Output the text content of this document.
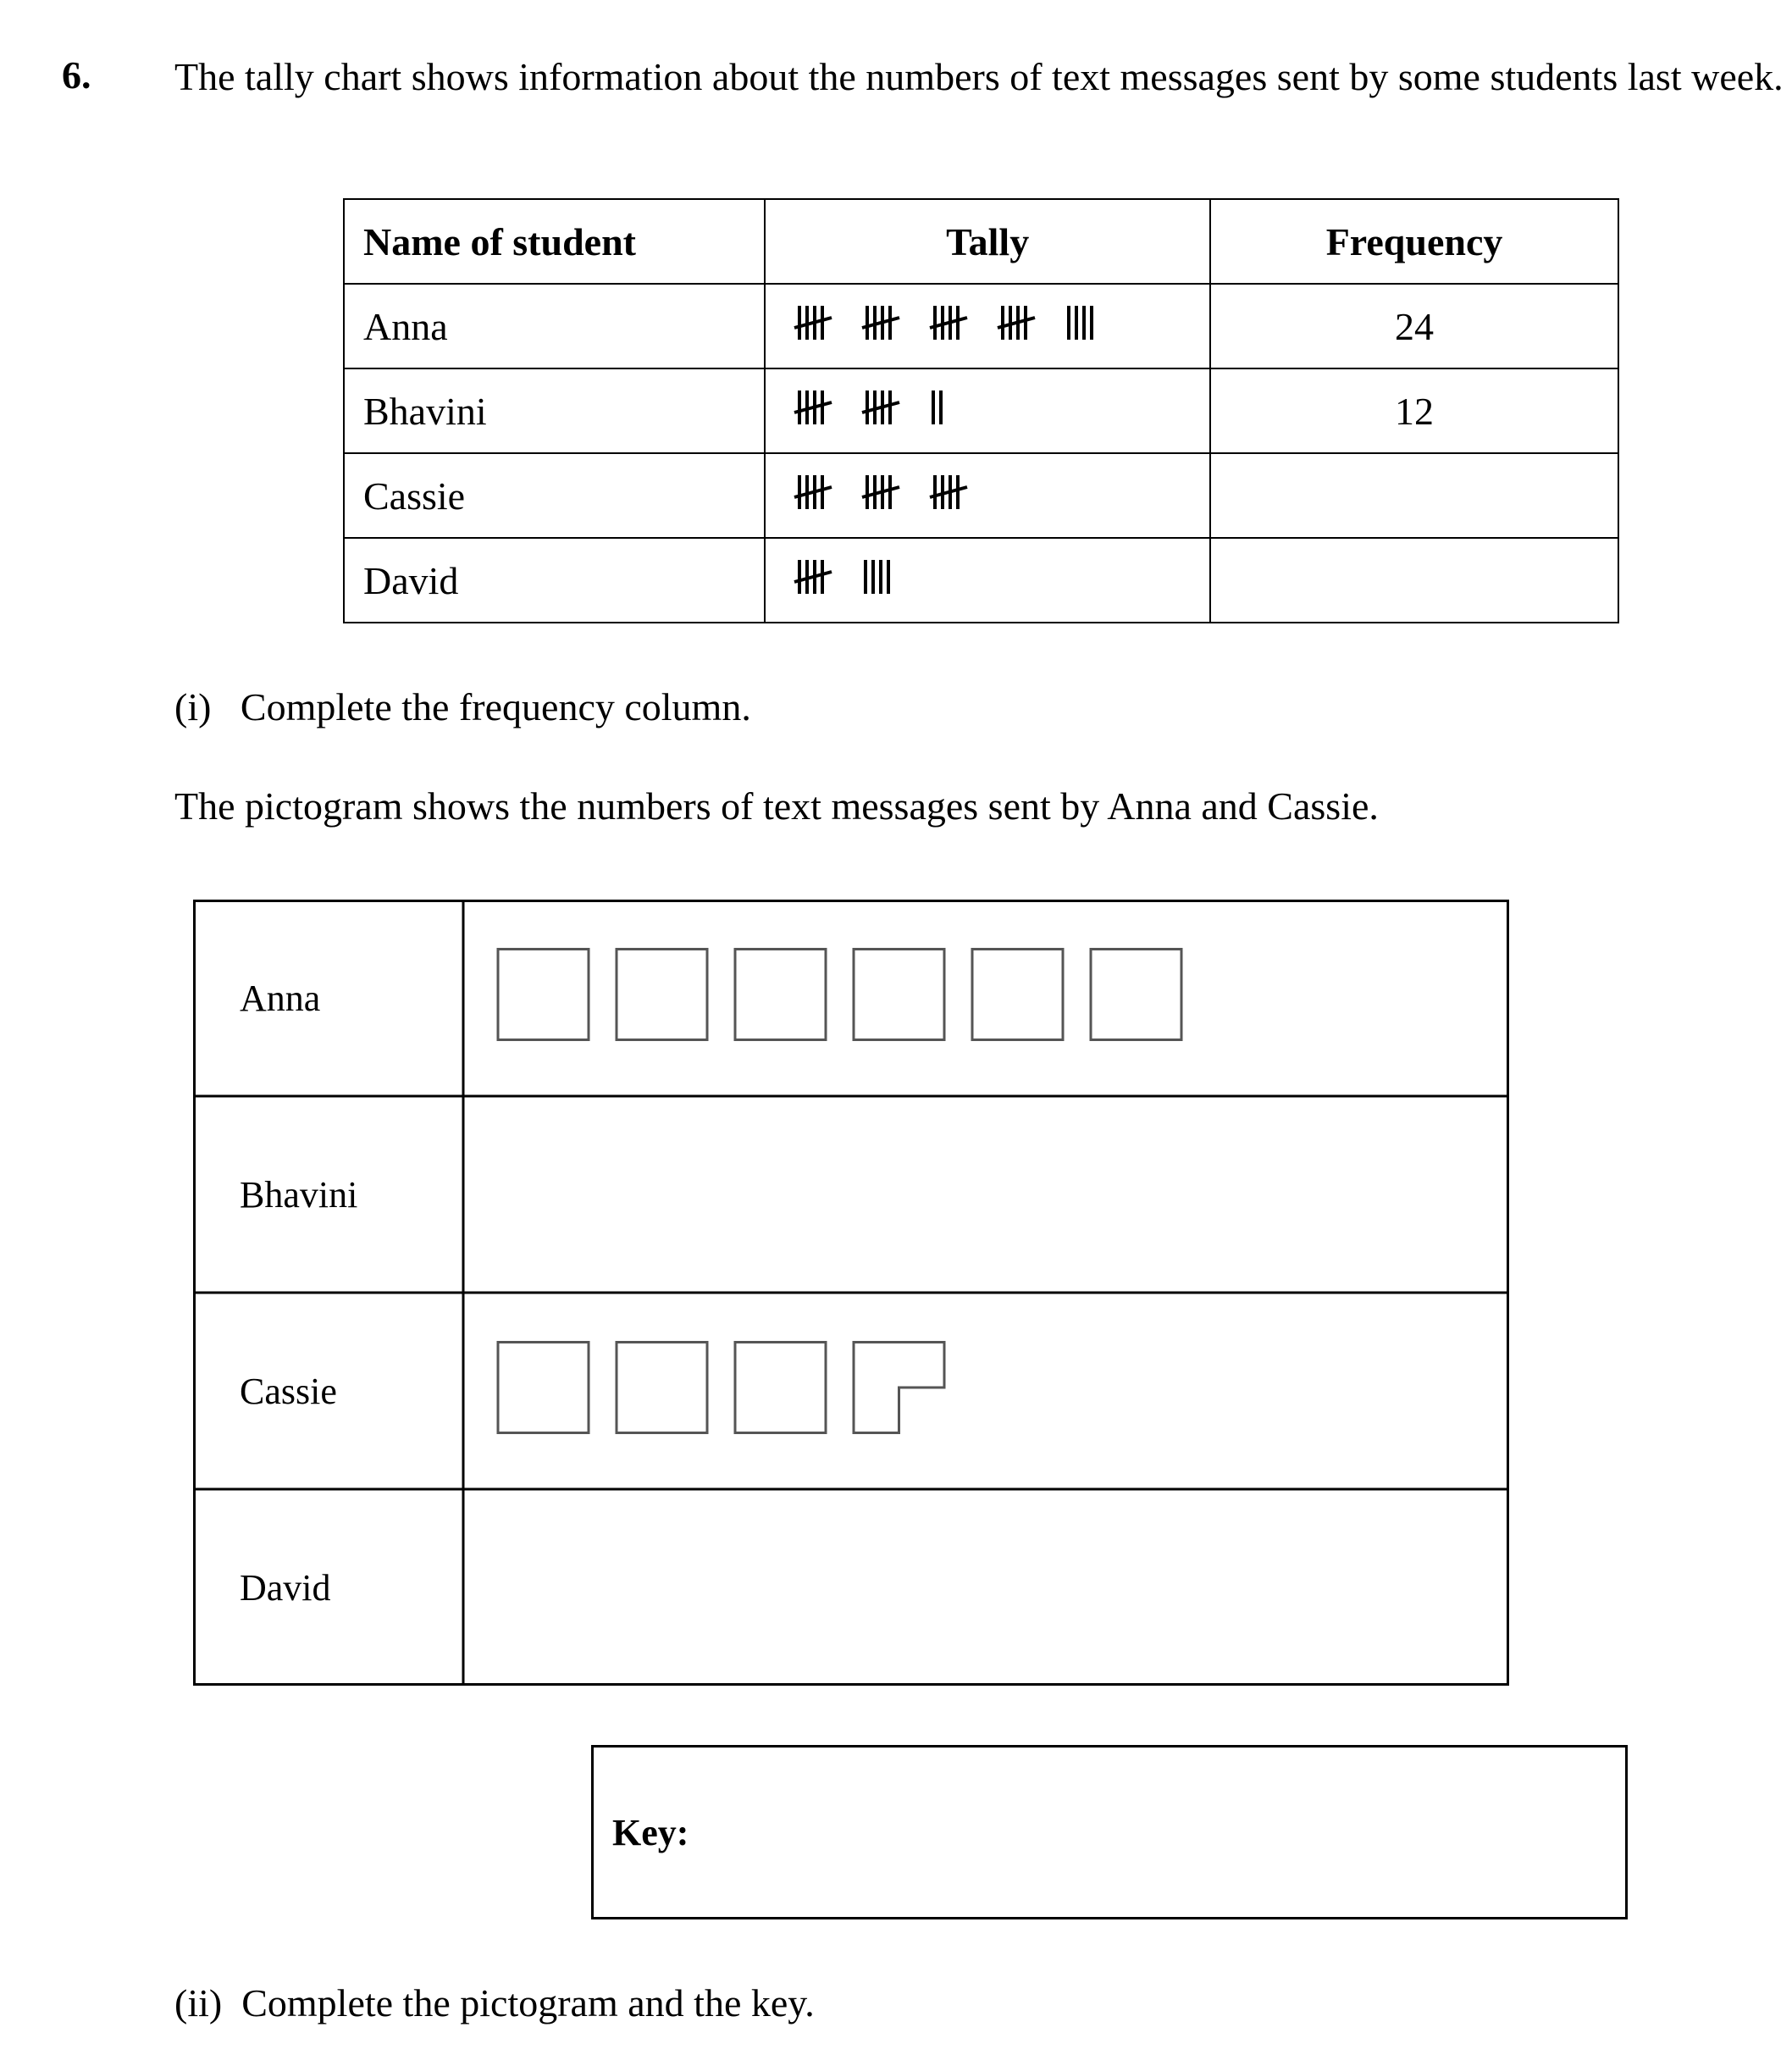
6. The tally chart shows information about the numbers of text messages sent by some students last week.
Name of student	Tally	Frequency
Anna		24
Bhavini		12
Cassie		
David		
(i)   Complete the frequency column.
The pictogram shows the numbers of text messages sent by Anna and Cassie.
Anna
Bhavini
Cassie
David
Key:
(ii)  Complete the pictogram and the key.
